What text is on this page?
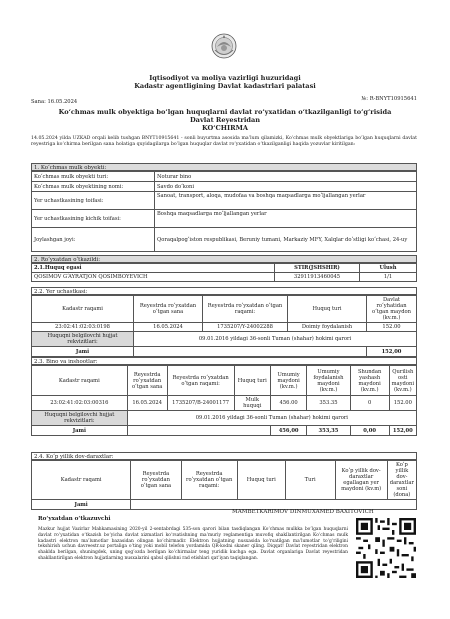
Iqtisodiyot va moliya vazirligi huzuridagi
Kadastr agentligining Davlat kadastrlari palatasi
Sana: 16.05.2024	№: R-BNYT10915641
Ko‘chmas mulk obyektiga bo‘lgan huquqlarni davlat ro‘yxatidan o‘tkazilganligi to‘g‘risida
Davlat Reyestridan
KO‘CHIRMA
14.05.2024 yilda UZKAD orqali kelib tushgan BNYT10915641 - sonli buyurtma asosida ma’lum qilamizki, Ko‘chmas mulk obyektlariga bo‘lgan huquqlarni davlat reyestriga ko‘chirma berilgan sana holatiga quyidagilarga bo‘lgan huquqlar davlat ro‘yxatidan o‘tkazilganligi haqida yozuvlar kiritilgan:
1. Ko‘chmas mulk obyekti:
Ko‘chmas mulk obyekti turi:	Noturar bino
Ko‘chmas mulk obyektining nomi:	Savdo do‘koni
Yer uchastkasining toifasi:	Sanoat, transport, aloqa, mudofaa va boshqa maqsadlarga mo‘ljallangan yerlar
Yer uchastkasining kichik toifasi:	Boshqa maqsadlarga mo‘ljallangan yerlar
Joylashgan joyi:	Qoraqalpog‘iston respublikasi, Beruniy tumani, Markaziy MFY, Xalqlar do‘stligi ko‘chasi, 24-uy
2. Ro‘yxatdan o‘tkazildi:
2.1.Huquq egasi	STIR(JSHSHIR)	Ulush
QOSIMOV G‘AYRATJON QOSIMBOYEVICH	32911913460045	1/1
2.2. Yer uchastkasi:
Kadastr raqami	Reyestrda ro‘yxatdan o‘tgan sana	Reyestrda ro‘yxatdan o‘tgan raqami:	Huquq turi	Davlat ro‘yhatidan o‘tgan maydon (kv.m.)
23:02:41:02:03:0198	16.05.2024	1735207/Y-24002288	Doimiy foydalanish	152.00
Huquqni belgilovchi hujjat rekvizitlari:	09.01.2016 yildagi 36-sonli Tuman (shahar) hokimi qarori			
Jami				152,00
2.3. Bino va inshootlar:
Kadastr raqami	Reyestrda ro‘yxatdan o‘tgan sana	Reyestrda ro‘yxatdan o‘tgan raqami:	Huquq turi	Umumiy maydoni (kv.m.)	Umumiy foydalanish maydoni (kv.m.)	Shundan yashash maydoni (kv.m.)	Qurilish osti maydoni (kv.m.)
23:02:41:02:03:00316	16.05.2024	1735207/B-24001177	Mulk huquqi	456.00	353.35	0	152.00
Huquqni belgilovchi hujjat rekvizitlari:	09.01.2016 yildagi 36-sonli Tuman (shahar) hokimi qarori						
Jami				456,00	353,35	0,00	152,00
2.4. Ko‘p yillik dov-daraxtlar:
Kadastr raqami	Reyestrda ro‘yxatdan o‘tgan sana	Reyestrda ro‘yxatdan o‘tgan raqami:	Huquq turi	Turi	Ko‘p yillik dov-daraxtlar egallagan yer maydoni (kv.m)	Ko‘p yillik dov-daraxtlar soni (dona)
Jami						
Ro‘yxatdan o‘tkazuvchi
MAMBETKARIMOV DINMUXAMED BAXITOVICH
Mazkur hujjat Vazirlar Mahkamasining 2020-yil 2-sentabrdagi 535-son qarori bilan tasdiqlangan Ko‘chmas mulkka bo‘lgan huquqlarni davlat ro‘yxatidan o‘tkazish bo‘yicha davlat xizmatlari ko‘rsatishning ma’muriy reglamentiga muvofiq shakllantirilgan Ko‘chmas mulk kadastri elektron ma’lumotlar bazasidan olingan ko‘chirmadir. Elektron hujjatning nusxasida ko‘rsatilgan ma’lumotlar to‘g‘riligini tekshirish uchun davreestr.uz portaliga o‘ting yoki mobil telefon yordamida QR-kodni skaner qiling. Diqqat! Davlat reyestridan elektron shaklda berilgan, shuningdek, uning qog‘ozda berilgan ko‘chirmalar teng yuridik kuchga ega. Davlat organlariga Davlat reyestridan shakllantirilgan elektron hujjatlarning nusxalarini qabul qilishni rad etishlari qat’iyan taqiqlangan.
